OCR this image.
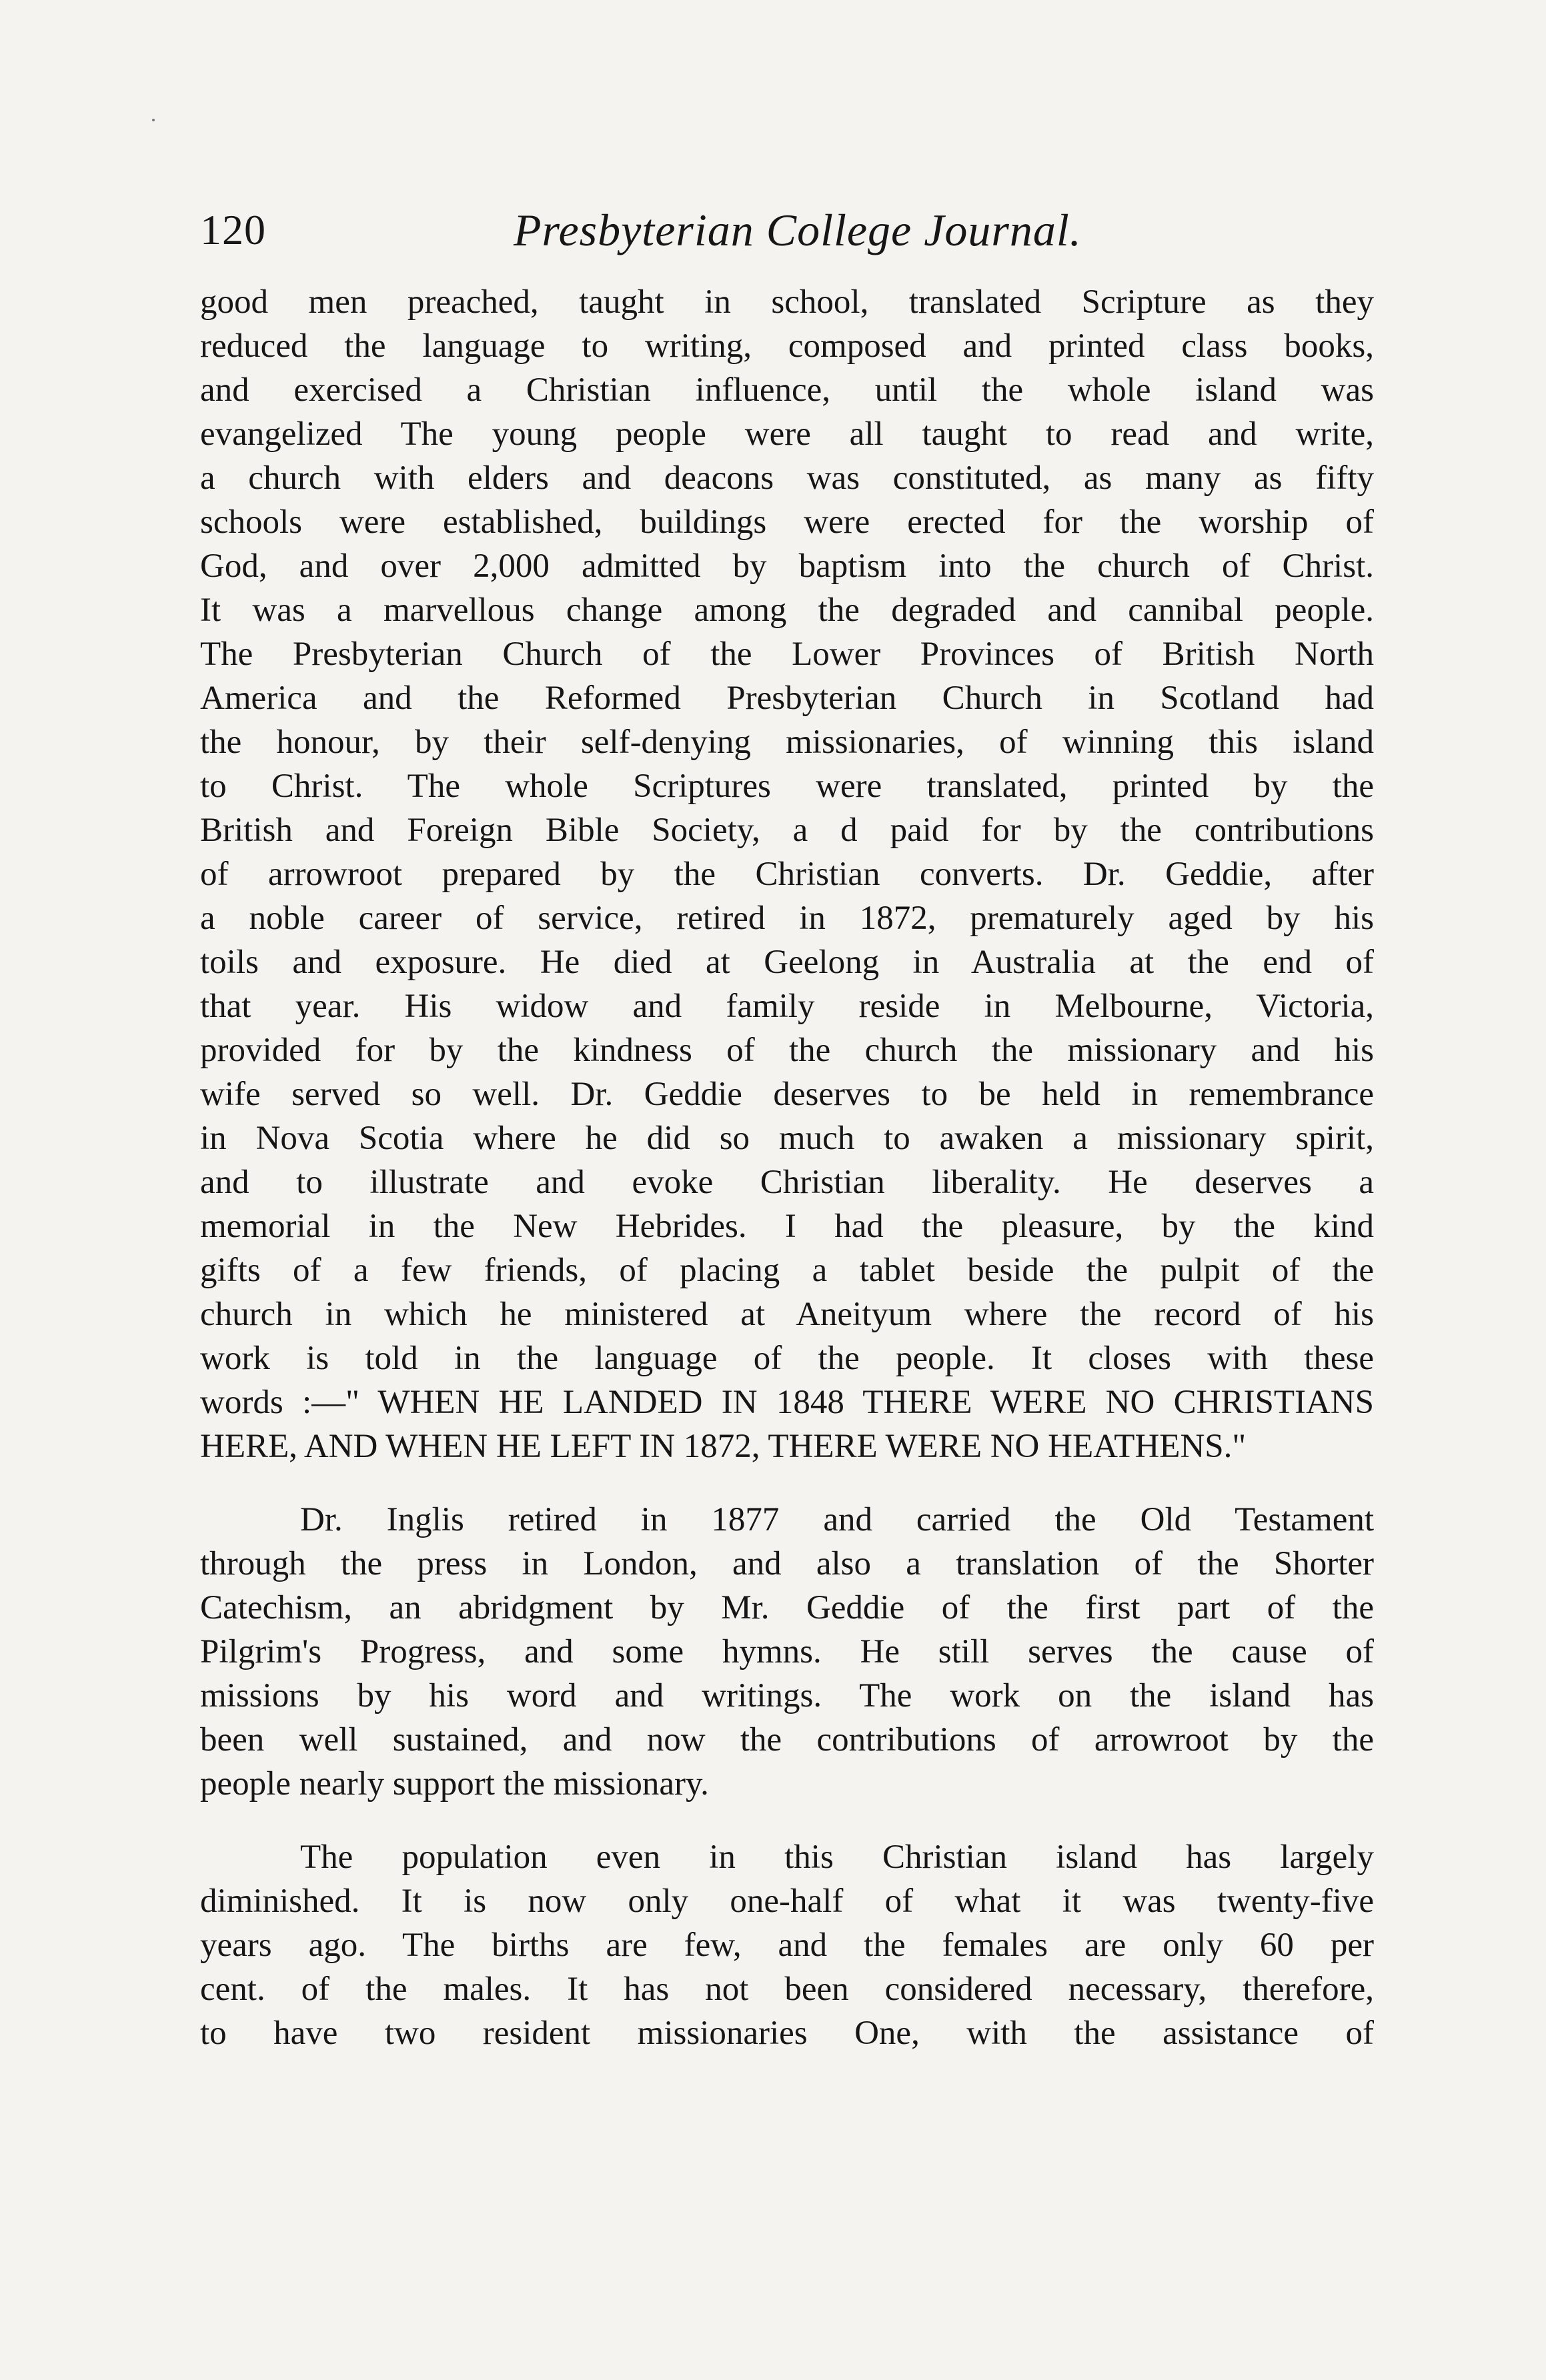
120	Presbyterian College Journal.
good men preached, taught in school, translated Scripture as they
reduced the language to writing, composed and printed class books,
and exercised a Christian influence, until the whole island was
evangelized The young people were all taught to read and write,
a church with elders and deacons was constituted, as many as fifty
schools were established, buildings were erected for the worship of
God, and over 2,000 admitted by baptism into the church of Christ.
It was a marvellous change among the degraded and cannibal people.
The Presbyterian Church of the Lower Provinces of British North
America and the Reformed Presbyterian Church in Scotland had
the honour, by their self-denying missionaries, of winning this island
to Christ. The whole Scriptures were translated, printed by the
British and Foreign Bible Society, a d paid for by the contributions
of arrowroot prepared by the Christian converts. Dr. Geddie, after
a noble career of service, retired in 1872, prematurely aged by his
toils and exposure. He died at Geelong in Australia at the end of
that year. His widow and family reside in Melbourne, Victoria,
provided for by the kindness of the church the missionary and his
wife served so well. Dr. Geddie deserves to be held in remembrance
in Nova Scotia where he did so much to awaken a missionary spirit,
and to illustrate and evoke Christian liberality. He deserves a
memorial in the New Hebrides. I had the pleasure, by the kind
gifts of a few friends, of placing a tablet beside the pulpit of the
church in which he ministered at Aneityum where the record of his
work is told in the language of the people. It closes with these
words :—" WHEN HE LANDED IN 1848 THERE WERE NO CHRISTIANS
HERE, AND WHEN HE LEFT IN 1872, THERE WERE NO HEATHENS."
Dr. Inglis retired in 1877 and carried the Old Testament
through the press in London, and also a translation of the Shorter
Catechism, an abridgment by Mr. Geddie of the first part of the
Pilgrim's Progress, and some hymns. He still serves the cause of
missions by his word and writings. The work on the island has
been well sustained, and now the contributions of arrowroot by the
people nearly support the missionary.
The population even in this Christian island has largely
diminished. It is now only one-half of what it was twenty-five
years ago. The births are few, and the females are only 60 per
cent. of the males. It has not been considered necessary, therefore,
to have two resident missionaries One, with the assistance of
